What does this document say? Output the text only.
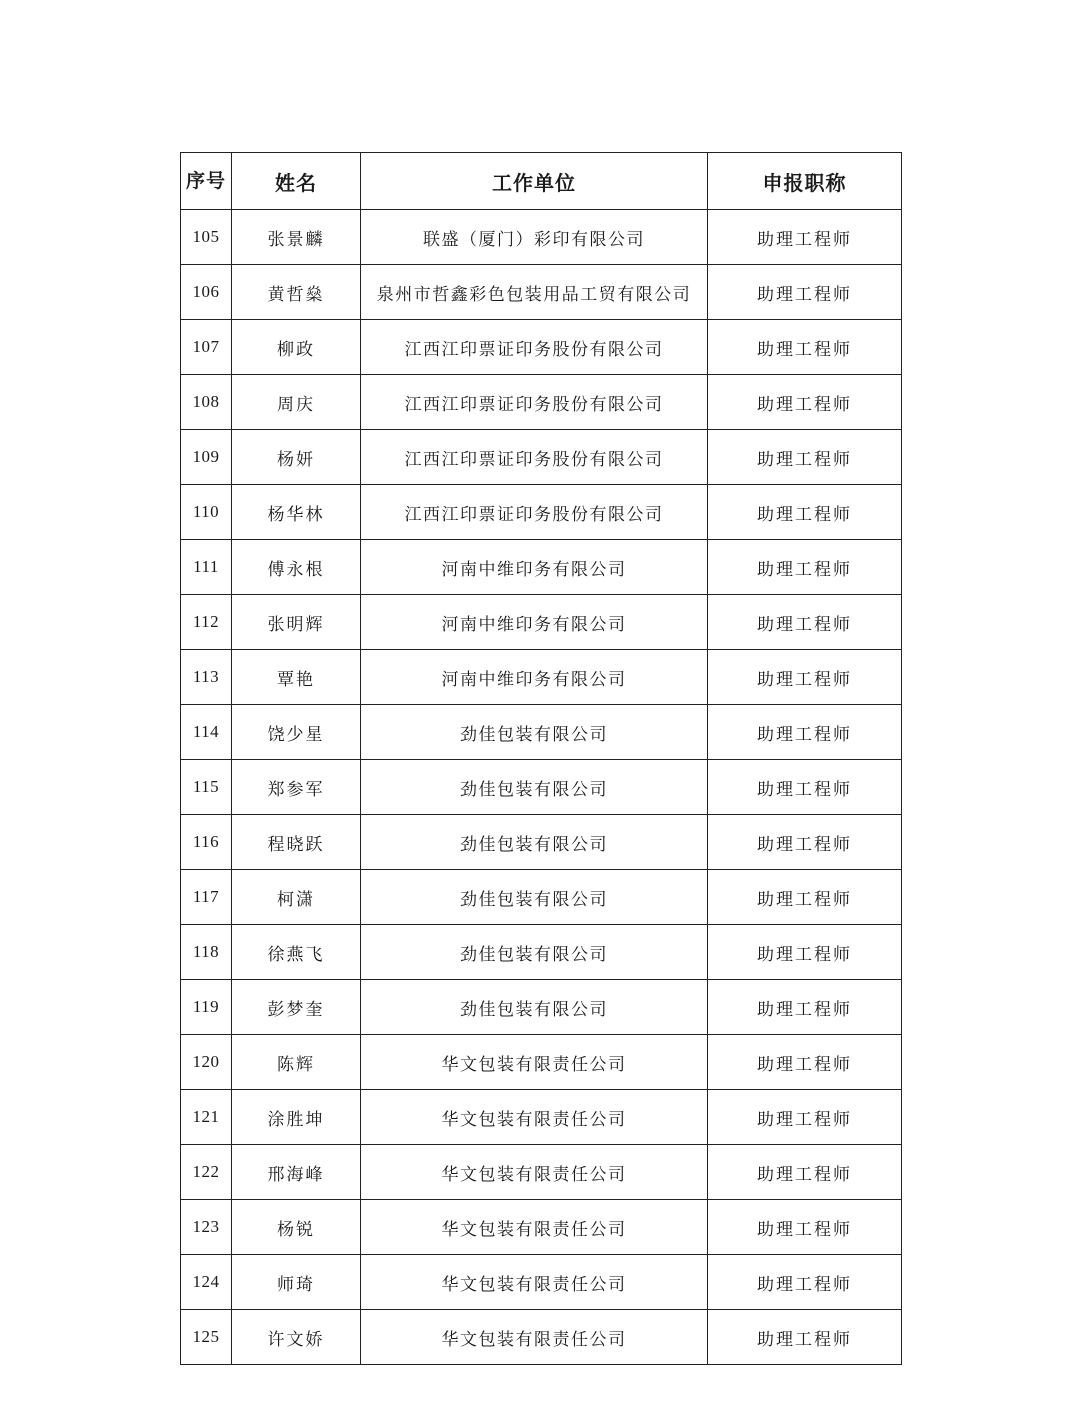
序号	姓名	工作单位	申报职称
105	张景麟	联盛（厦门）彩印有限公司	助理工程师
106	黄哲燊	泉州市哲鑫彩色包装用品工贸有限公司	助理工程师
107	柳政	江西江印票证印务股份有限公司	助理工程师
108	周庆	江西江印票证印务股份有限公司	助理工程师
109	杨妍	江西江印票证印务股份有限公司	助理工程师
110	杨华林	江西江印票证印务股份有限公司	助理工程师
111	傅永根	河南中维印务有限公司	助理工程师
112	张明辉	河南中维印务有限公司	助理工程师
113	覃艳	河南中维印务有限公司	助理工程师
114	饶少星	劲佳包装有限公司	助理工程师
115	郑参军	劲佳包装有限公司	助理工程师
116	程晓跃	劲佳包装有限公司	助理工程师
117	柯潇	劲佳包装有限公司	助理工程师
118	徐燕飞	劲佳包装有限公司	助理工程师
119	彭梦奎	劲佳包装有限公司	助理工程师
120	陈辉	华文包装有限责任公司	助理工程师
121	涂胜坤	华文包装有限责任公司	助理工程师
122	邢海峰	华文包装有限责任公司	助理工程师
123	杨锐	华文包装有限责任公司	助理工程师
124	师琦	华文包装有限责任公司	助理工程师
125	许文娇	华文包装有限责任公司	助理工程师
